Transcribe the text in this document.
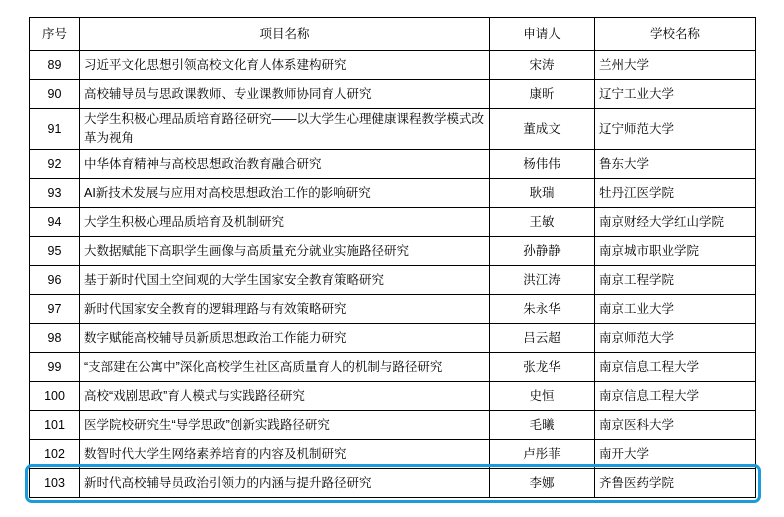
序号	项目名称	申请人	学校名称
89	习近平文化思想引领高校文化育人体系建构研究	宋涛	兰州大学
90	高校辅导员与思政课教师、专业课教师协同育人研究	康昕	辽宁工业大学
91	大学生积极心理品质培育路径研究——以大学生心理健康课程教学模式改革为视角	董成文	辽宁师范大学
92	中华体育精神与高校思想政治教育融合研究	杨伟伟	鲁东大学
93	AI新技术发展与应用对高校思想政治工作的影响研究	耿瑞	牡丹江医学院
94	大学生积极心理品质培育及机制研究	王敏	南京财经大学红山学院
95	大数据赋能下高职学生画像与高质量充分就业实施路径研究	孙静静	南京城市职业学院
96	基于新时代国土空间观的大学生国家安全教育策略研究	洪江涛	南京工程学院
97	新时代国家安全教育的逻辑理路与有效策略研究	朱永华	南京工业大学
98	数字赋能高校辅导员新质思想政治工作能力研究	吕云超	南京师范大学
99	“支部建在公寓中”深化高校学生社区高质量育人的机制与路径研究	张龙华	南京信息工程大学
100	高校“戏剧思政”育人模式与实践路径研究	史恒	南京信息工程大学
101	医学院校研究生“导学思政”创新实践路径研究	毛曦	南京医科大学
102	数智时代大学生网络素养培育的内容及机制研究	卢彤菲	南开大学
103	新时代高校辅导员政治引领力的内涵与提升路径研究	李娜	齐鲁医药学院
